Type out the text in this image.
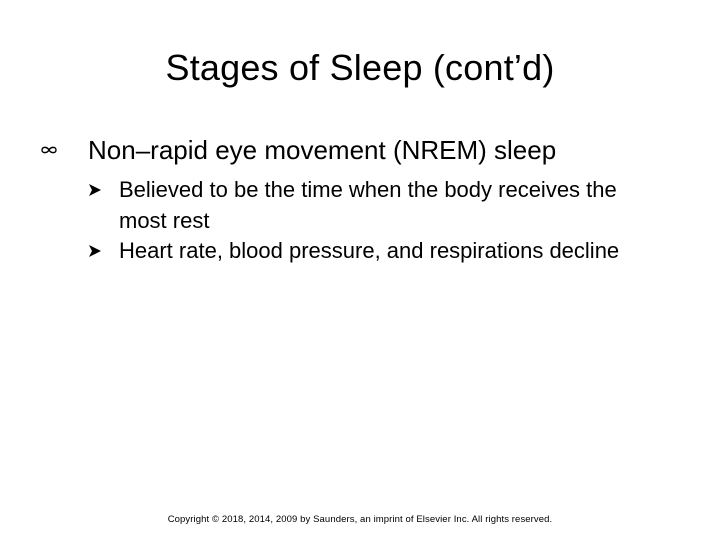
Stages of Sleep (cont’d)
Non–rapid eye movement (NREM) sleep
Believed to be the time when the body receives the most rest
Heart rate, blood pressure, and respirations decline
Copyright © 2018, 2014, 2009 by Saunders, an imprint of Elsevier Inc. All rights reserved.
